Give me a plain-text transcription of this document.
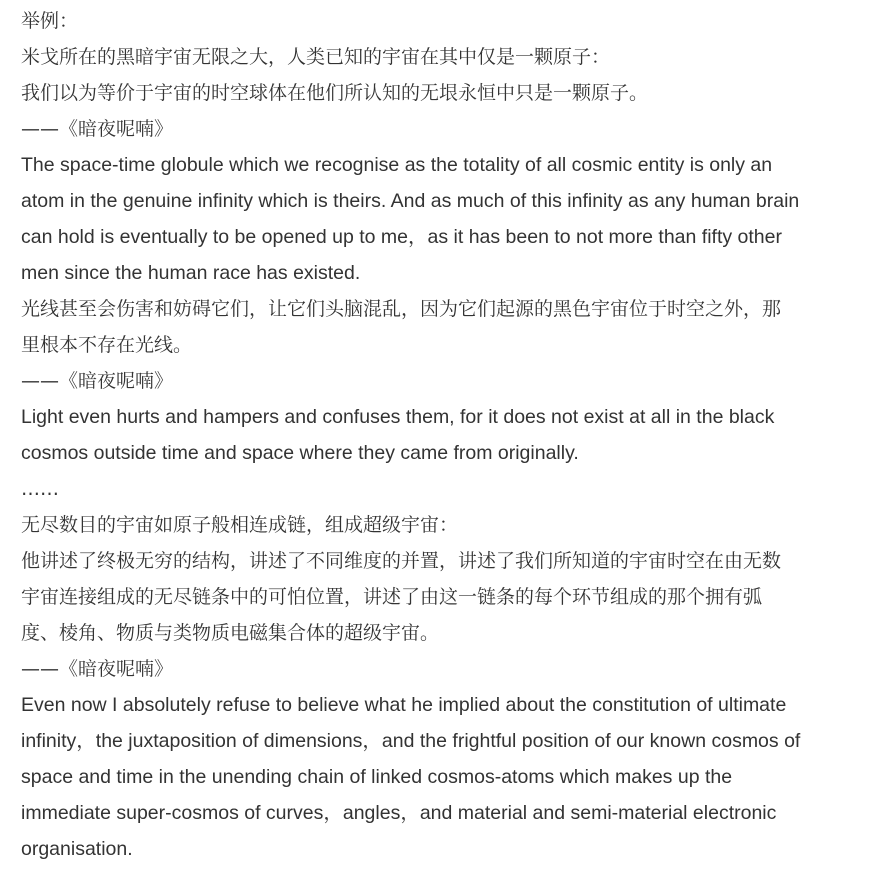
举例：
米戈所在的黑暗宇宙无限之大，人类已知的宇宙在其中仅是一颗原子：
我们以为等价于宇宙的时空球体在他们所认知的无垠永恒中只是一颗原子。
——《暗夜呢喃》
The space-time globule which we recognise as the totality of all cosmic entity is only an
atom in the genuine infinity which is theirs. And as much of this infinity as any human brain
can hold is eventually to be opened up to me，as it has been to not more than fifty other
men since the human race has existed.
光线甚至会伤害和妨碍它们，让它们头脑混乱，因为它们起源的黑色宇宙位于时空之外，那
里根本不存在光线。
——《暗夜呢喃》
Light even hurts and hampers and confuses them, for it does not exist at all in the black
cosmos outside time and space where they came from originally.
……
无尽数目的宇宙如原子般相连成链，组成超级宇宙：
他讲述了终极无穷的结构，讲述了不同维度的并置，讲述了我们所知道的宇宙时空在由无数
宇宙连接组成的无尽链条中的可怕位置，讲述了由这一链条的每个环节组成的那个拥有弧
度、棱角、物质与类物质电磁集合体的超级宇宙。
——《暗夜呢喃》
Even now I absolutely refuse to believe what he implied about the constitution of ultimate
infinity，the juxtaposition of dimensions，and the frightful position of our known cosmos of
space and time in the unending chain of linked cosmos-atoms which makes up the
immediate super-cosmos of curves，angles，and material and semi-material electronic
organisation.
